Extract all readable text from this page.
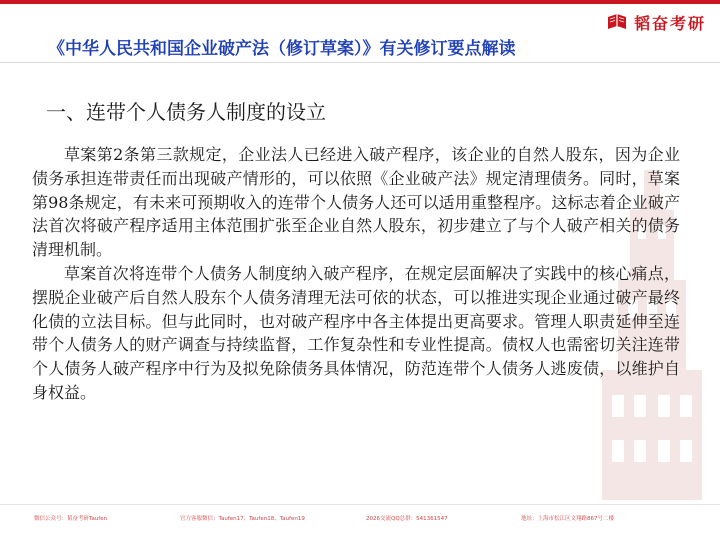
韬奋考研
《中华人民共和国企业破产法（修订草案）》有关修订要点解读
一、连带个人债务人制度的设立

草案第2条第三款规定，企业法人已经进入破产程序，该企业的自然人股东，因为企业债务承担连带责任而出现破产情形的，可以依照《企业破产法》规定清理债务。同时，草案第98条规定，有未来可预期收入的连带个人债务人还可以适用重整程序。这标志着企业破产法首次将破产程序适用主体范围扩张至企业自然人股东，初步建立了与个人破产相关的债务清理机制。

草案首次将连带个人债务人制度纳入破产程序，在规定层面解决了实践中的核心痛点，摆脱企业破产后自然人股东个人债务清理无法可依的状态，可以推进实现企业通过破产最终化债的立法目标。但与此同时，也对破产程序中各主体提出更高要求。管理人职责延伸至连带个人债务人的财产调查与持续监督，工作复杂性和专业性提高。债权人也需密切关注连带个人债务人破产程序中行为及拟免除债务具体情况，防范连带个人债务人逃废债，以维护自身权益。

微信公众号：韬奋考研Taufen	官方客服微信：Taufen17、Taufen18、Taufen19	2026交流QQ总群：541361547	地址：上海市松江区文翔路867号二楼
